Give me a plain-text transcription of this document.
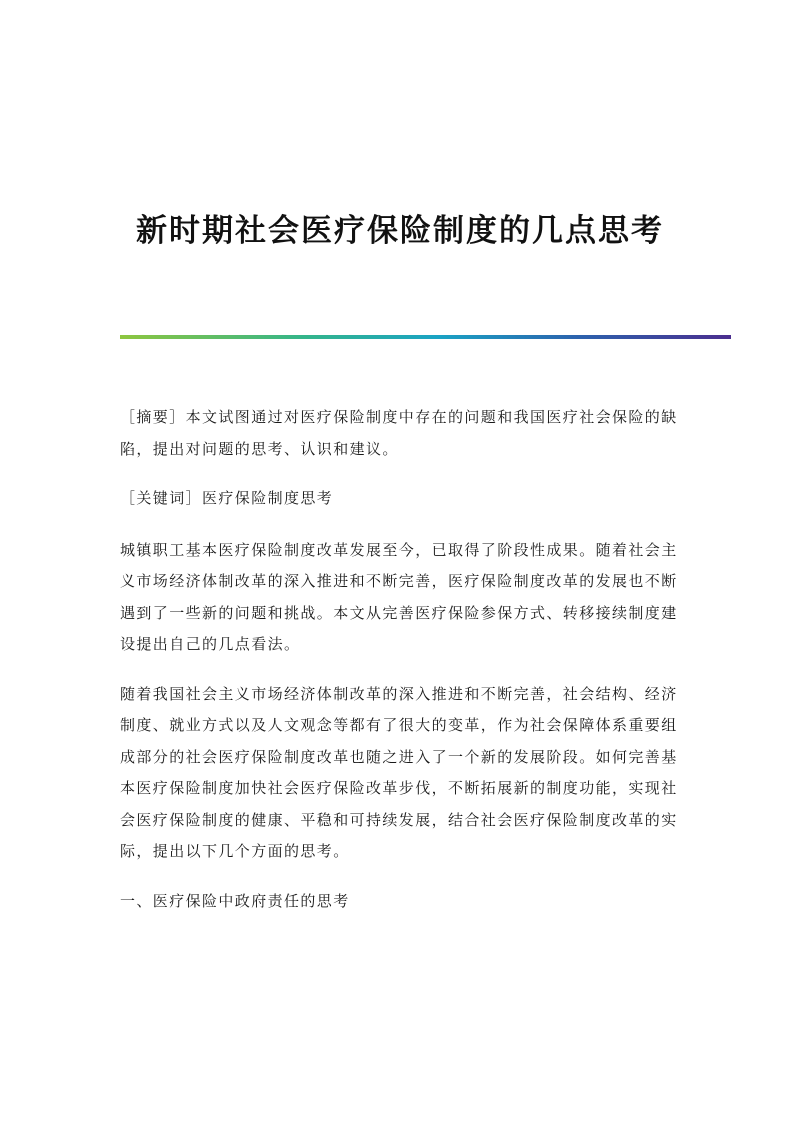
新时期社会医疗保险制度的几点思考

［摘要］本文试图通过对医疗保险制度中存在的问题和我国医疗社会保险的缺陷，提出对问题的思考、认识和建议。

［关键词］医疗保险制度思考

城镇职工基本医疗保险制度改革发展至今，已取得了阶段性成果。随着社会主义市场经济体制改革的深入推进和不断完善，医疗保险制度改革的发展也不断遇到了一些新的问题和挑战。本文从完善医疗保险参保方式、转移接续制度建设提出自己的几点看法。

随着我国社会主义市场经济体制改革的深入推进和不断完善，社会结构、经济制度、就业方式以及人文观念等都有了很大的变革，作为社会保障体系重要组成部分的社会医疗保险制度改革也随之进入了一个新的发展阶段。如何完善基本医疗保险制度加快社会医疗保险改革步伐，不断拓展新的制度功能，实现社会医疗保险制度的健康、平稳和可持续发展，结合社会医疗保险制度改革的实际，提出以下几个方面的思考。

一、医疗保险中政府责任的思考
